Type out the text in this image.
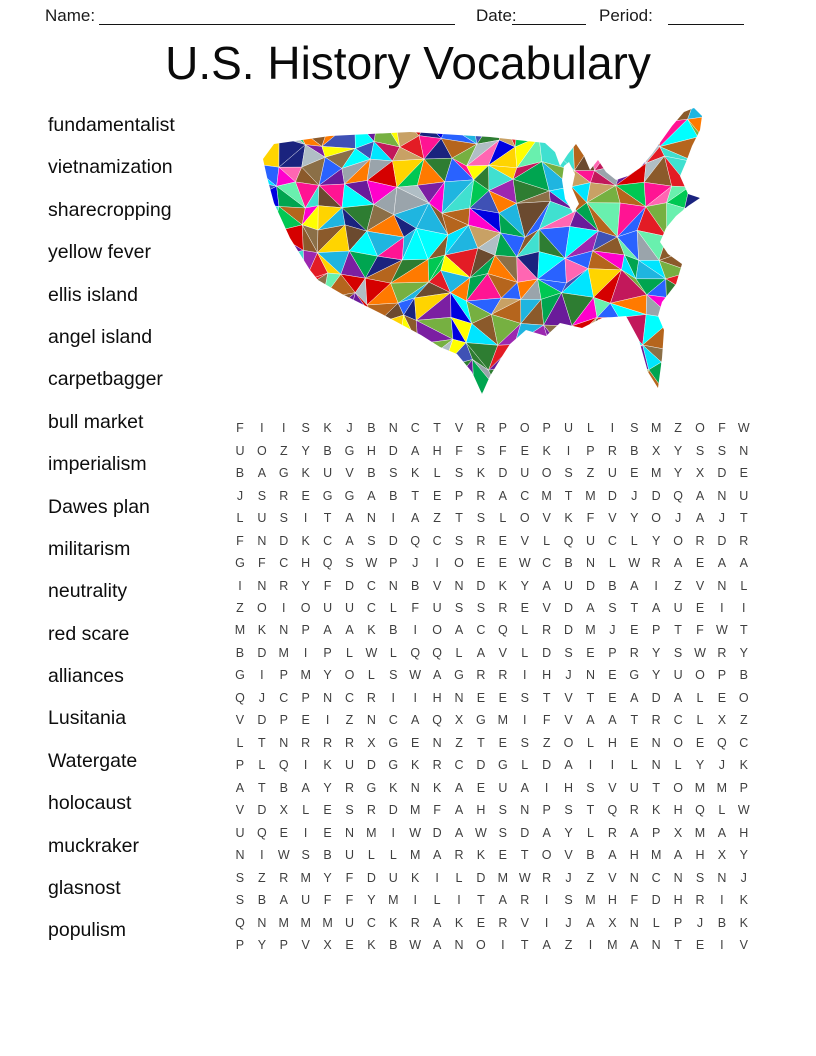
Name:	Date:	Period:
U.S. History Vocabulary
fundamentalist
vietnamization
sharecropping
yellow fever
ellis island
angel island
carpetbagger
bull market
imperialism
Dawes plan
militarism
neutrality
red scare
alliances
Lusitania
Watergate
holocaust
muckraker
glasnost
populism
F	I	I	S	K	J	B	N	C	T	V	R	P	O	P	U	L	I	S	M	Z	O	F W
U	O	Z	Y	B	G	H	D	A	H	F	S	F	E	K	I	P	R	B	X	Y	S	S	N
B	A	G	K	U	V	B	S	K	L	S	K	D	U	O	S	Z	U	E	M	Y	X	D	E
J	S	R	E	G G	A	B	T	E	P	R	A	C M	T	M D	J	D	Q	A	N	U
L	U	S	I	T	A	N	I	A	Z	T	S	L	O	V	K	F	V	Y	O	J	A	J	T
F	N	D	K	C	A	S	D	Q	C	S	R	E	V	L	Q	U	C	L	Y	O	R	D	R
G	F	C	H	Q	S W P	J	I	O	E	E W C	B	N	L	W R	A	E	A	A
I	N	R	Y	F	D	C	N	B	V	N	D	K	Y	A	U	D	B	A	I	Z	V	N	L
Z	O	I	O	U	U	C	L	F	U	S	S	R	E	V	D	A	S	T	A	U	E	I	I
M	K	N	P	A	A	K	B	I	O	A	C	Q	L	R	D M	J	E	P	T	F W T
B	D M	I	P	L	W	L	Q Q	L	A	V	L	D	S	E	P	R	Y	S W R	Y
G	I	P	M	Y	O	L	S W A	G	R	R	I	H	J	N	E	G	Y	U	O	P	B
Q	J	C	P	N	C	R	I	I	H	N	E	E	S	T	V	T	E	A	D	A	L	E	O
V	D	P	E	I	Z	N	C	A	Q	X	G M	I	F	V	A	A	T	R	C	L	X	Z
L	T	N	R	R	R	X	G	E	N	Z	T	E	S	Z	O	L	H	E	N	O	E	Q	C
P	L	Q	I	K	U	D	G	K	R	C	D	G	L	D	A	I	I	L	N	L	Y	J	K
A	T	B	A	Y	R	G	K	N	K	A	E	U	A	I	H	S	V	U	T	O M M	P
V	D	X	L	E	S	R	D M	F	A	H	S	N	P	S	T	Q	R	K	H	Q	L	W
U	Q	E	I	E	N M	I	W D	A W S	D	A	Y	L	R	A	P	X	M	A	H
N	I	W S	B	U	L	L	M	A	R	K	E	T	O	V	B	A	H M	A	H	X	Y
S	Z	R M	Y	F	D	U	K	I	L	D M W R	J	Z	V	N	C	N	S	N	J
S	B	A	U	F	F	Y	M	I	L	I	T	A	R	I	S	M H	F	D	H	R	I	K
Q	N M M M U	C	K	R	A	K	E	R	V	I	J	A	X	N	L	P	J	B	K
P	Y	P	V	X	E	K	B W A	N	O	I	T	A	Z	I	M	A	N	T	E	I	V
